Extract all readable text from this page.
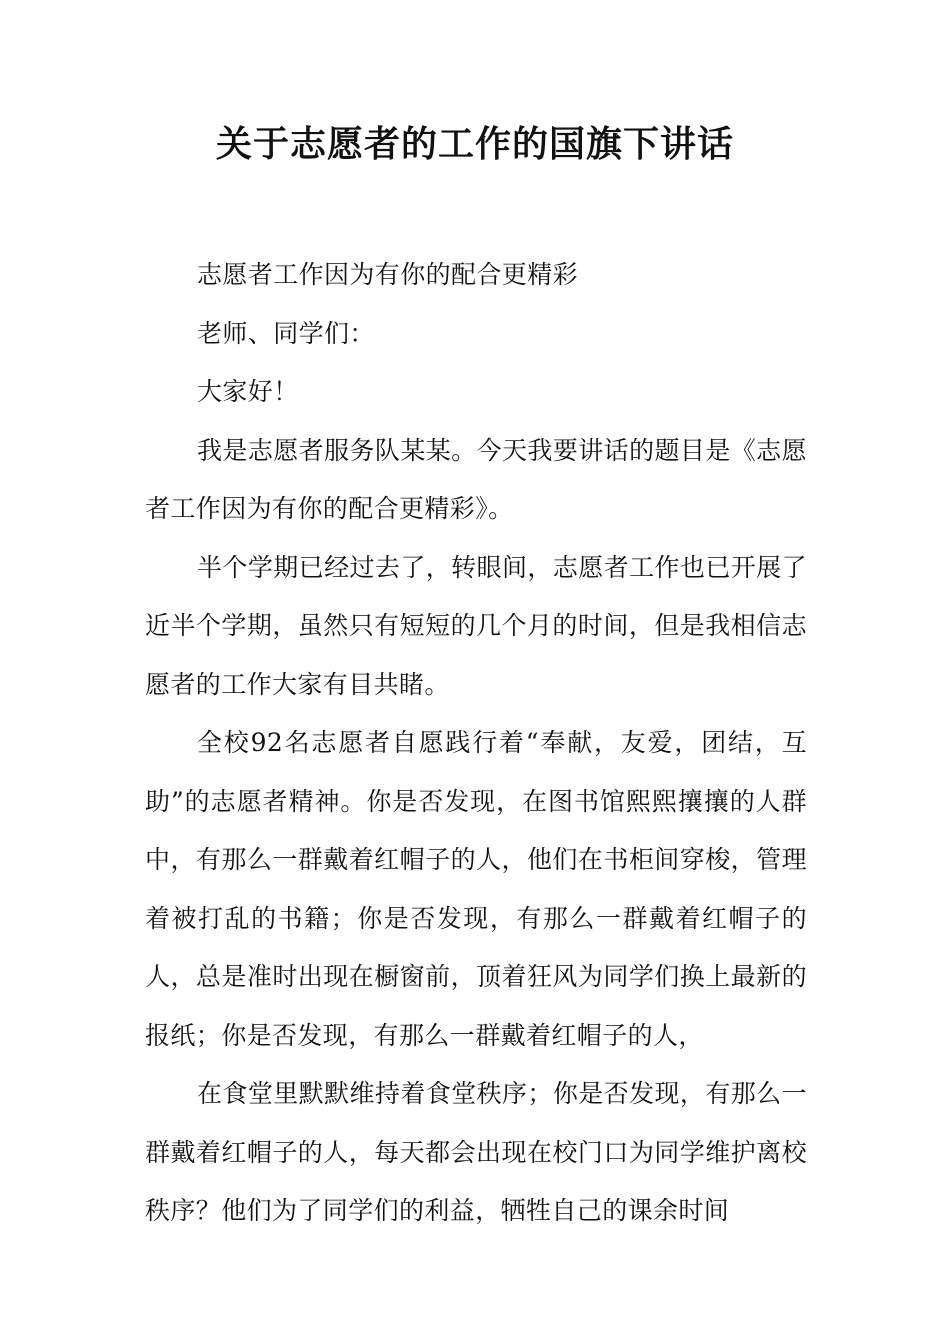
关于志愿者的工作的国旗下讲话

志愿者工作因为有你的配合更精彩

老师、同学们：

大家好！

我是志愿者服务队某某。今天我要讲话的题目是《志愿者工作因为有你的配合更精彩》。

半个学期已经过去了，转眼间，志愿者工作也已开展了近半个学期，虽然只有短短的几个月的时间，但是我相信志愿者的工作大家有目共睹。

全校92名志愿者自愿践行着“奉献，友爱，团结，互助”的志愿者精神。你是否发现，在图书馆熙熙攘攘的人群中，有那么一群戴着红帽子的人，他们在书柜间穿梭，管理着被打乱的书籍；你是否发现，有那么一群戴着红帽子的人，总是准时出现在橱窗前，顶着狂风为同学们换上最新的报纸；你是否发现，有那么一群戴着红帽子的人，

在食堂里默默维持着食堂秩序；你是否发现，有那么一群戴着红帽子的人，每天都会出现在校门口为同学维护离校秩序？他们为了同学们的利益，牺牲自己的课余时间
